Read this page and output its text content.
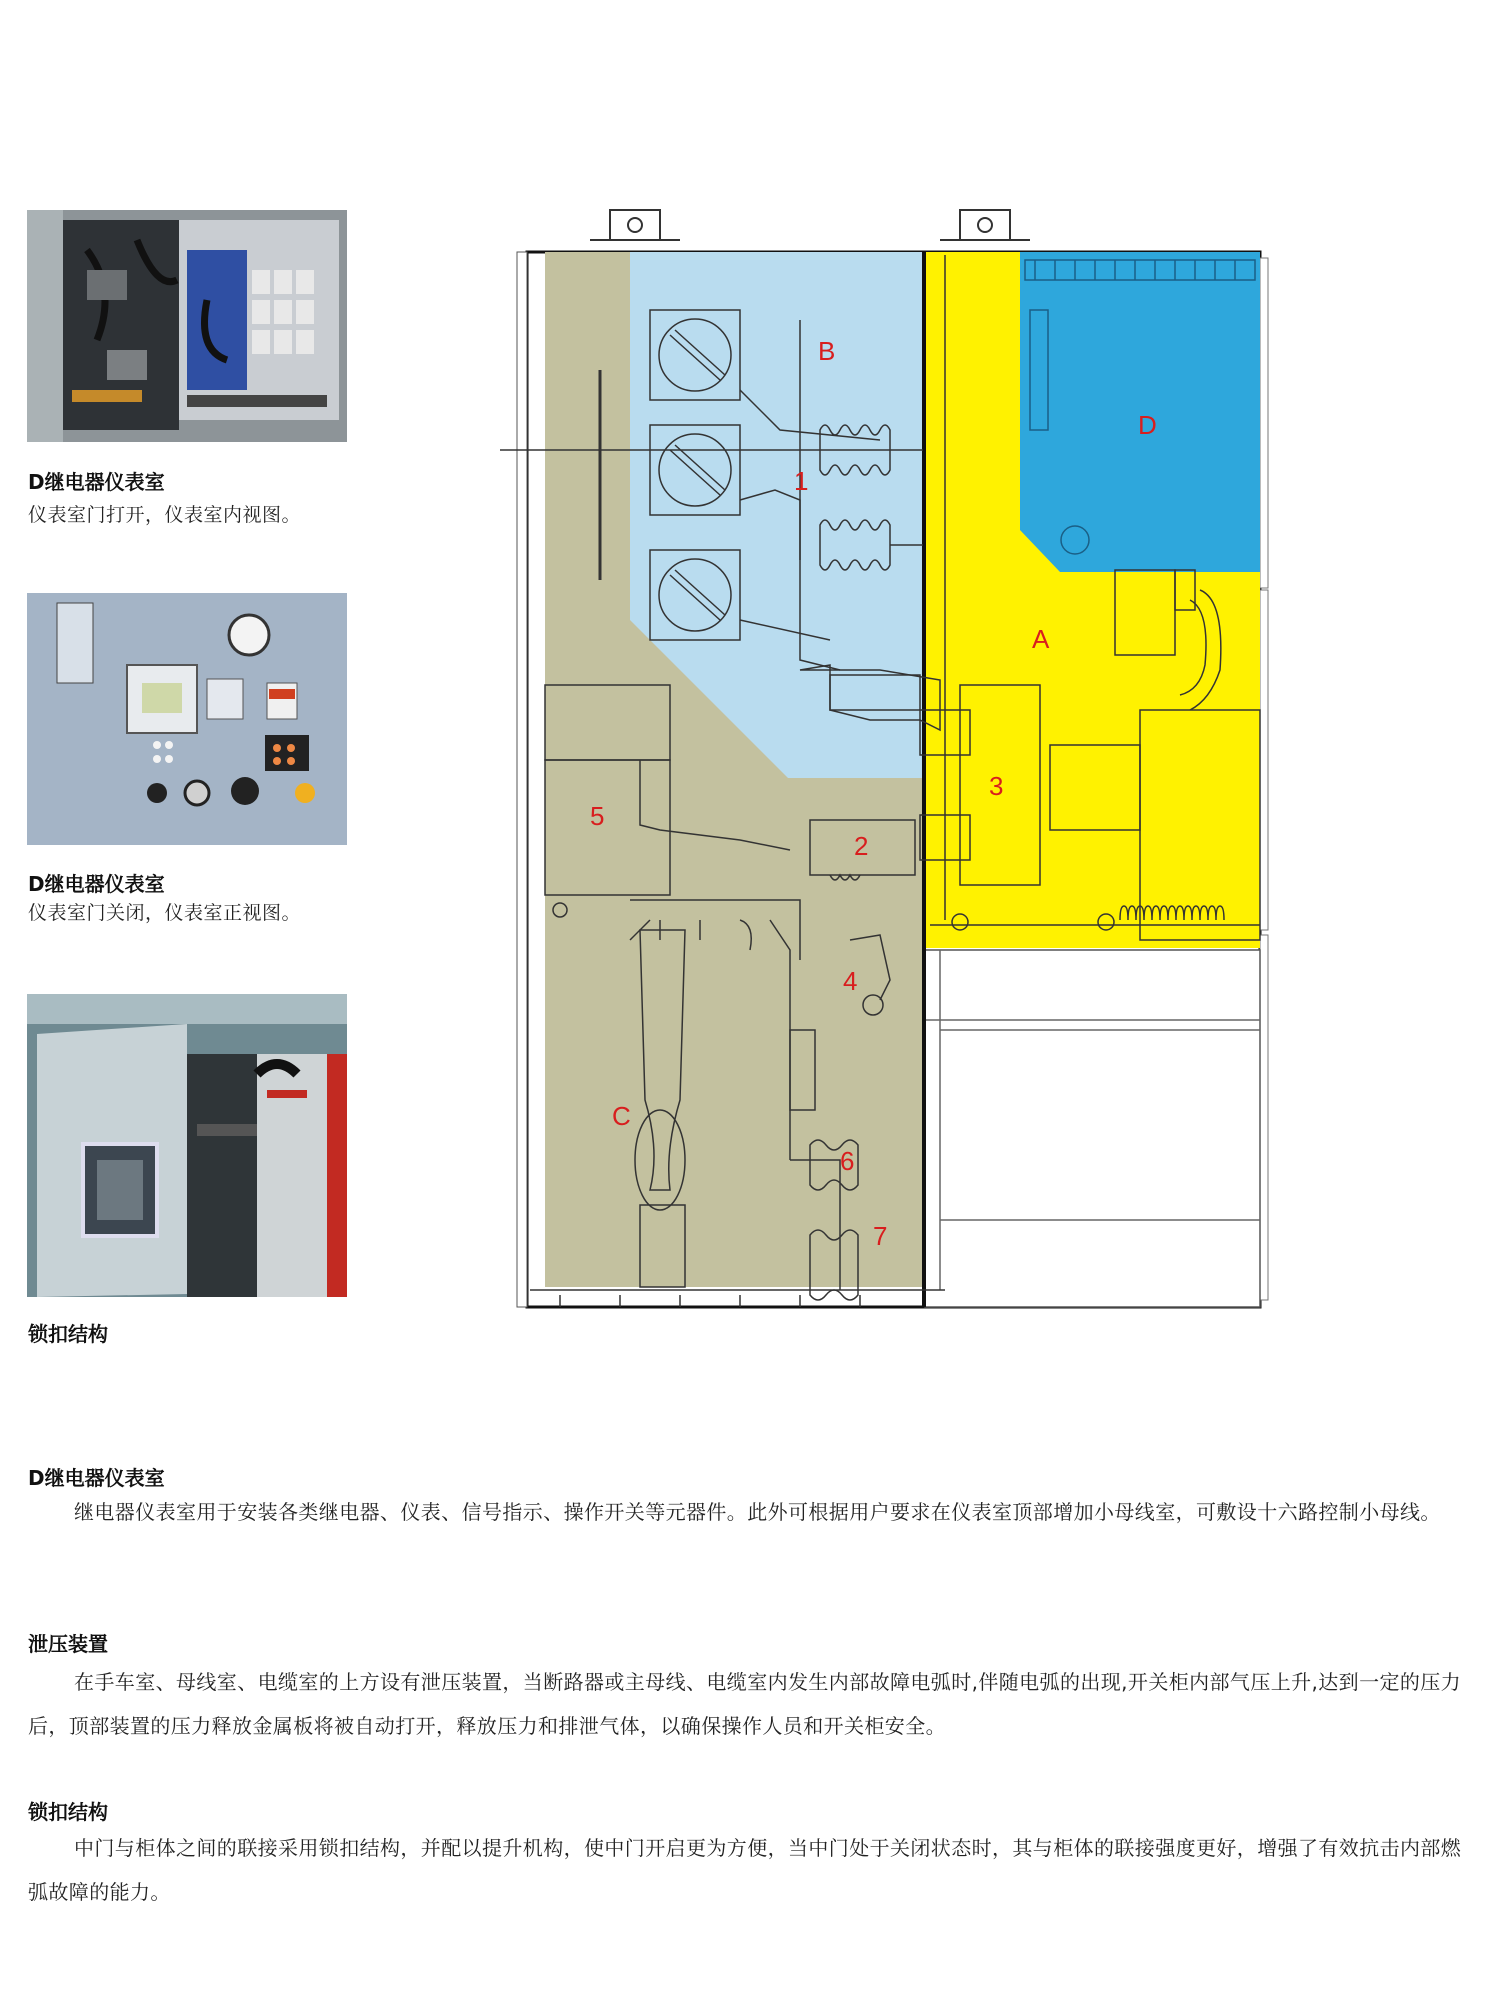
D继电器仪表室
仪表室门打开，仪表室内视图。
D继电器仪表室
仪表室门关闭，仪表室正视图。
锁扣结构
B
D
1
A
3
5
2
4
C
6
7
D继电器仪表室
继电器仪表室用于安装各类继电器、仪表、信号指示、操作开关等元器件。此外可根据用户要求在仪表室顶部增加小母线室，可敷设十六路控制小母线。
泄压装置
在手车室、母线室、电缆室的上方设有泄压装置，当断路器或主母线、电缆室内发生内部故障电弧时,伴随电弧的出现,开关柜内部气压上升,达到一定的压力后，顶部装置的压力释放金属板将被自动打开，释放压力和排泄气体，以确保操作人员和开关柜安全。
锁扣结构
中门与柜体之间的联接采用锁扣结构，并配以提升机构，使中门开启更为方便，当中门处于关闭状态时，其与柜体的联接强度更好，增强了有效抗击内部燃弧故障的能力。
